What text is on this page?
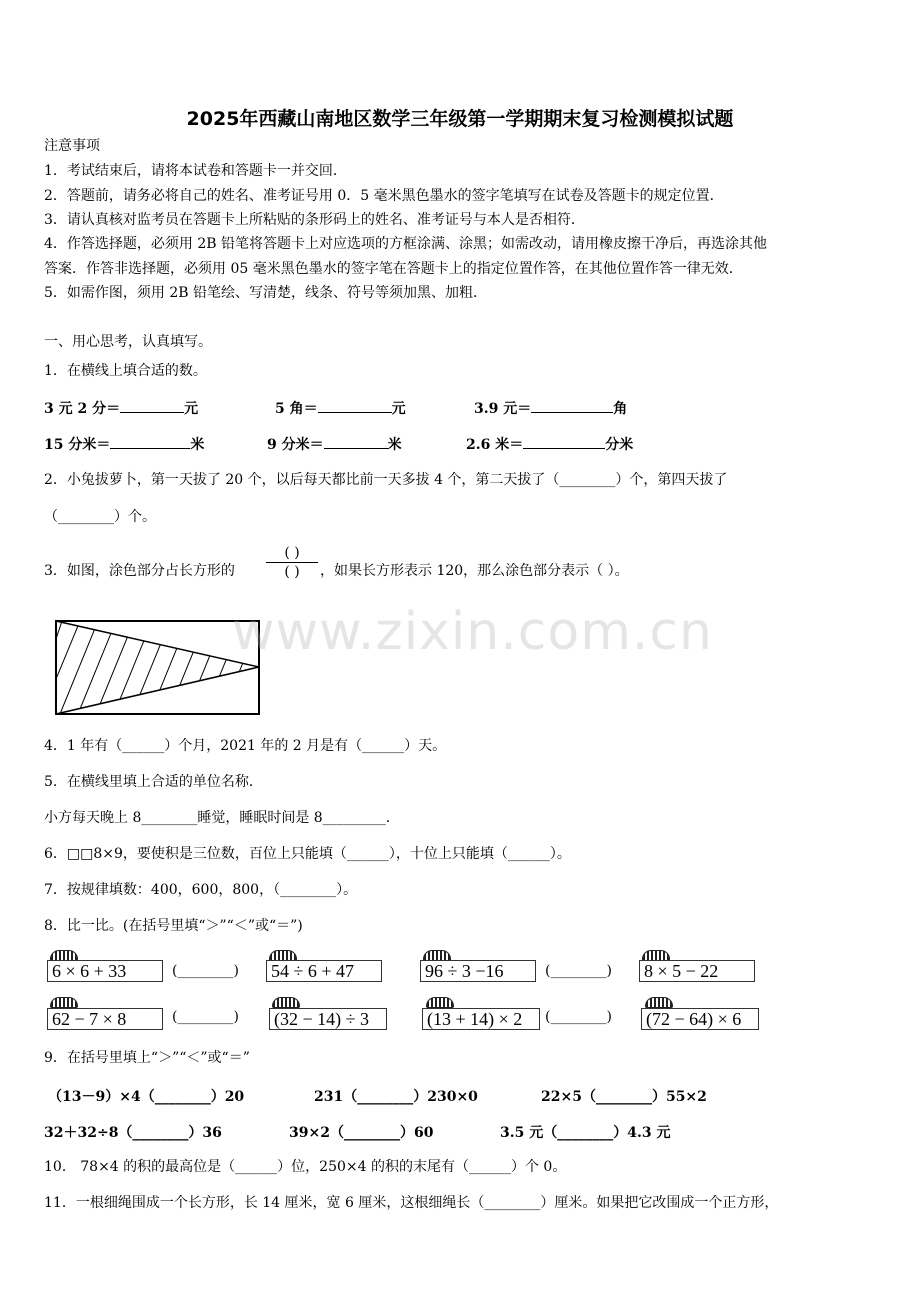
2025年西藏山南地区数学三年级第一学期期末复习检测模拟试题
注意事项
1．考试结束后，请将本试卷和答题卡一并交回．
2．答题前，请务必将自己的姓名、准考证号用 0．5 毫米黑色墨水的签字笔填写在试卷及答题卡的规定位置．
3．请认真核对监考员在答题卡上所粘贴的条形码上的姓名、准考证号与本人是否相符．
4．作答选择题，必须用 2B 铅笔将答题卡上对应选项的方框涂满、涂黑；如需改动，请用橡皮擦干净后，再选涂其他
答案．作答非选择题，必须用 05 毫米黑色墨水的签字笔在答题卡上的指定位置作答，在其他位置作答一律无效．
5．如需作图，须用 2B 铅笔绘、写清楚，线条、符号等须加黑、加粗．
一、用心思考，认真填写。
1．在横线上填合适的数。
3 元 2 分＝	元	5 角＝	元	3.9 元＝	角
15 分米＝	米	9 分米＝	米	2.6 米＝	分米
2．小兔拔萝卜，第一天拔了 20 个，以后每天都比前一天多拔 4 个，第二天拔了（________）个，第四天拔了
（________）个。
3．如图，涂色部分占长方形的
( )
( )	，如果长方形表示 120，那么涂色部分表示（ ）。
www.zixin.com.cn
4．1 年有（______）个月，2021 年的 2 月是有（______）天。
5．在横线里填上合适的单位名称．
小方每天晚上 8________睡觉，睡眠时间是 8_________．
6．□□8×9，要使积是三位数，百位上只能填（______），十位上只能填（______）。
7．按规律填数：400，600，800，（________）。
8．比一比。(在括号里填“＞”“＜”或“＝”)
6 × 6 + 33	(________) 54 ÷ 6 + 47	96 ÷ 3 −16	(________) 8 × 5 − 22
62 − 7 × 8	(________) (32 − 14) ÷ 3	(13 + 14) × 2	(________) (72 − 64) × 6
9．在括号里填上“＞”“＜”或“＝”
（13－9）×4（________）20	231（________）230×0	22×5（________）55×2
32＋32÷8（________）36	39×2（________）60	3.5 元（________）4.3 元
10． 78×4 的积的最高位是（______）位，250×4 的积的末尾有（______）个 0。
11．一根细绳围成一个长方形，长 14 厘米，宽 6 厘米，这根细绳长（________）厘米。如果把它改围成一个正方形，
